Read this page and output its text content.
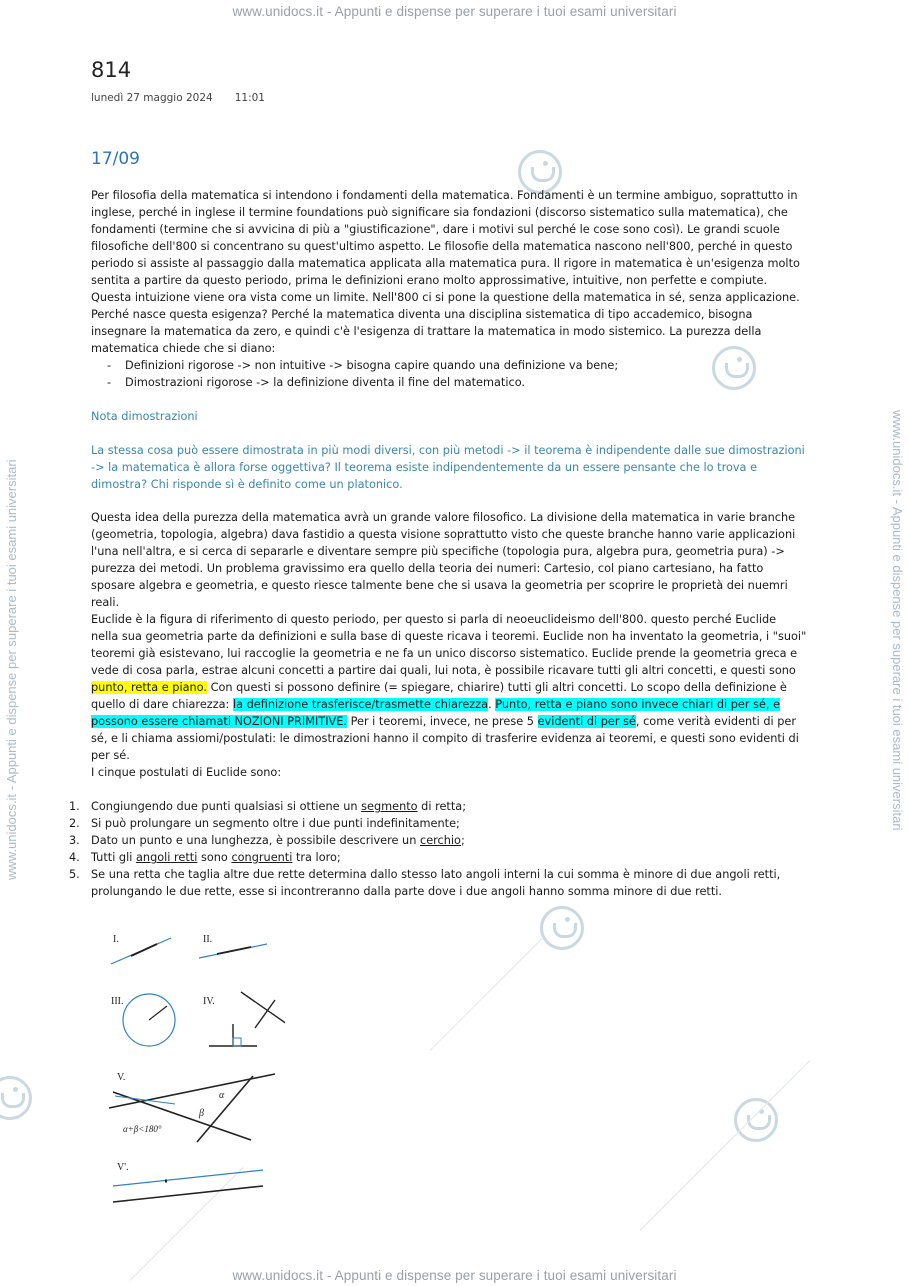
www.unidocs.it - Appunti e dispense per superare i tuoi esami universitari
www.unidocs.it - Appunti e dispense per superare i tuoi esami universitari
www.unidocs.it - Appunti e dispense per superare i tuoi esami universitari	www.unidocs.it - Appunti e dispense per superare i tuoi esami universitari
814
lunedì 27 maggio 2024 11:01
17/09

Per filosofia della matematica si intendono i fondamenti della matematica. Fondamenti è un termine ambiguo, soprattutto in inglese, perché in inglese il termine foundations può significare sia fondazioni (discorso sistematico sulla matematica), che fondamenti (termine che si avvicina di più a "giustificazione", dare i motivi sul perché le cose sono così). Le grandi scuole filosofiche dell'800 si concentrano su quest'ultimo aspetto. Le filosofie della matematica nascono nell'800, perché in questo periodo si assiste al passaggio dalla matematica applicata alla matematica pura. Il rigore in matematica è un'esigenza molto sentita a partire da questo periodo, prima le definizioni erano molto approssimative, intuitive, non perfette e compiute. Questa intuizione viene ora vista come un limite. Nell'800 ci si pone la questione della matematica in sé, senza applicazione. Perché nasce questa esigenza? Perché la matematica diventa una disciplina sistematica di tipo accademico, bisogna insegnare la matematica da zero, e quindi c'è l'esigenza di trattare la matematica in modo sistemico. La purezza della matematica chiede che si diano:

- Definizioni rigorose -> non intuitive -> bisogna capire quando una definizione va bene;
- Dimostrazioni rigorose -> la definizione diventa il fine del matematico.

Nota dimostrazioni

La stessa cosa può essere dimostrata in più modi diversi, con più metodi -> il teorema è indipendente dalle sue dimostrazioni -> la matematica è allora forse oggettiva? Il teorema esiste indipendentemente da un essere pensante che lo trova e dimostra? Chi risponde sì è definito come un platonico.

Questa idea della purezza della matematica avrà un grande valore filosofico. La divisione della matematica in varie branche (geometria, topologia, algebra) dava fastidio a questa visione soprattutto visto che queste branche hanno varie applicazioni l'una nell'altra, e si cerca di separarle e diventare sempre più specifiche (topologia pura, algebra pura, geometria pura) -> purezza dei metodi. Un problema gravissimo era quello della teoria dei numeri: Cartesio, col piano cartesiano, ha fatto sposare algebra e geometria, e questo riesce talmente bene che si usava la geometria per scoprire le proprietà dei nuemri reali.

Euclide è la figura di riferimento di questo periodo, per questo si parla di neoeuclideismo dell'800. questo perché Euclide nella sua geometria parte da definizioni e sulla base di queste ricava i teoremi. Euclide non ha inventato la geometria, i "suoi" teoremi già esistevano, lui raccoglie la geometria e ne fa un unico discorso sistematico. Euclide prende la geometria greca e vede di cosa parla, estrae alcuni concetti a partire dai quali, lui nota, è possibile ricavare tutti gli altri concetti, e questi sono punto, retta e piano. Con questi si possono definire (= spiegare, chiarire) tutti gli altri concetti. Lo scopo della definizione è quello di dare chiarezza: la definizione trasferisce/trasmette chiarezza. Punto, retta e piano sono invece chiari di per sé, e possono essere chiamati NOZIONI PRIMITIVE. Per i teoremi, invece, ne prese 5 evidenti di per sé, come verità evidenti di per sé, e li chiama assiomi/postulati: le dimostrazioni hanno il compito di trasferire evidenza ai teoremi, e questi sono evidenti di per sé.

I cinque postulati di Euclide sono:

1. Congiungendo due punti qualsiasi si ottiene un segmento di retta;
2. Si può prolungare un segmento oltre i due punti indefinitamente;
3. Dato un punto e una lunghezza, è possibile descrivere un cerchio;
4. Tutti gli angoli retti sono congruenti tra loro;
5. Se una retta che taglia altre due rette determina dallo stesso lato angoli interni la cui somma è minore di due angoli retti, prolungando le due rette, esse si incontreranno dalla parte dove i due angoli hanno somma minore di due retti.
I.	II.
III.	IV.
V.
α
β
α+β<180°
V'.
